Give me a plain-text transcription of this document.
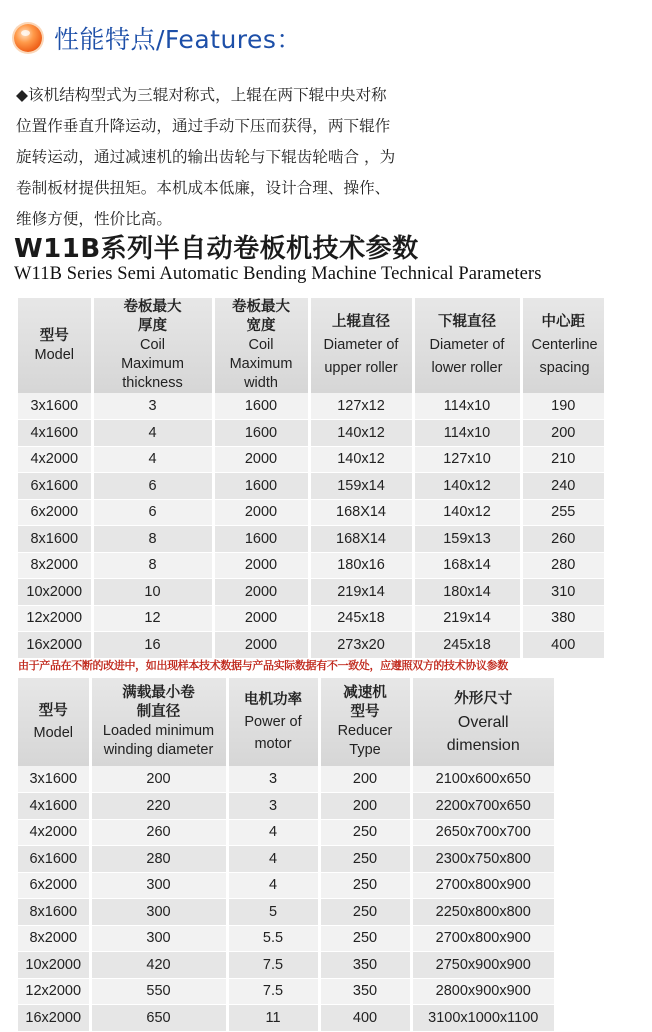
性能特点/Features：
◆该机结构型式为三辊对称式，上辊在两下辊中央对称
位置作垂直升降运动，通过手动下压而获得，两下辊作
旋转运动，通过减速机的输出齿轮与下辊齿轮啮合 ，为
卷制板材提供扭矩。本机成本低廉，设计合理、操作、
维修方便，性价比高。
W11B系列半自动卷板机技术参数
W11B Series Semi Automatic Bending Machine Technical Parameters
型号
Model	卷板最大厚度
Coil Maximum thickness	卷板最大宽度
Coil Maximum width	上辊直径
Diameter of upper roller	下辊直径
Diameter of lower roller	中心距
Centerline spacing

3x1600	3	1600	127x12	114x10	190
4x1600	4	1600	140x12	114x10	200
4x2000	4	2000	140x12	127x10	210
6x1600	6	1600	159x14	140x12	240
6x2000	6	2000	168X14	140x12	255
8x1600	8	1600	168X14	159x13	260
8x2000	8	2000	180x16	168x14	280
10x2000	10	2000	219x14	180x14	310
12x2000	12	2000	245x18	219x14	380
16x2000	16	2000	273x20	245x18	400
由于产品在不断的改进中，如出现样本技术数据与产品实际数据有不一致处，应遵照双方的技术协议参数
型号
Model	满载最小卷制直径
Loaded minimum winding diameter	电机功率
Power of motor	减速机型号
Reducer Type	外形尺寸
Overall dimension

3x1600	200	3	200	2100x600x650
4x1600	220	3	200	2200x700x650
4x2000	260	4	250	2650x700x700
6x1600	280	4	250	2300x750x800
6x2000	300	4	250	2700x800x900
8x1600	300	5	250	2250x800x800
8x2000	300	5.5	250	2700x800x900
10x2000	420	7.5	350	2750x900x900
12x2000	550	7.5	350	2800x900x900
16x2000	650	11	400	3100x1000x1100
